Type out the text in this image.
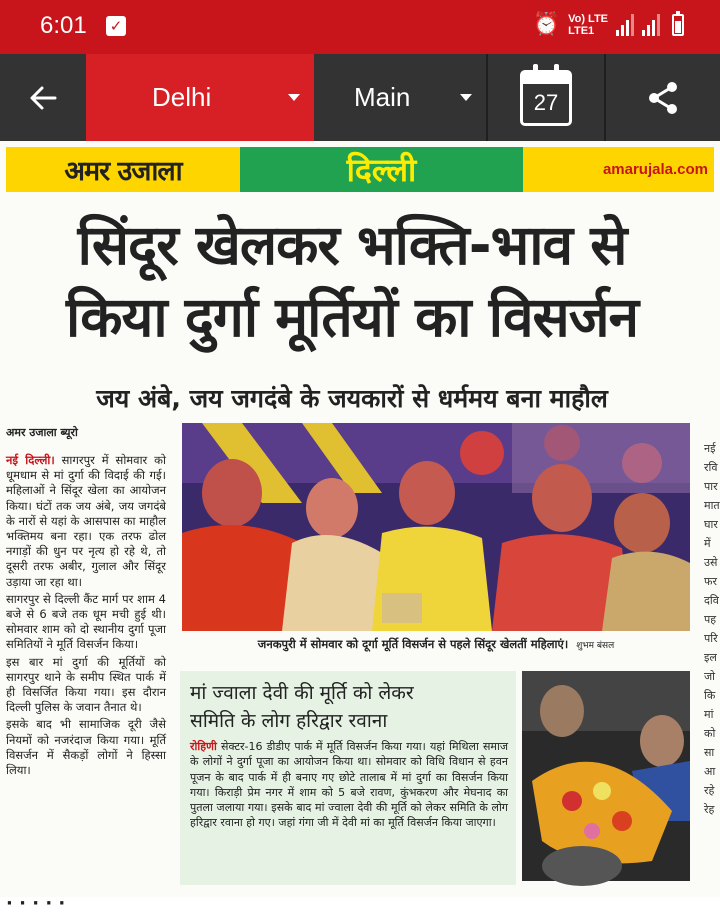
6:01 ✓	⏰ Vo) LTE
LTE1
Delhi	Main	27
अमर उजाला	दिल्ली	amarujala.com
सिंदूर खेलकर भक्ति-भाव से
किया दुर्गा मूर्तियों का विसर्जन
जय अंबे, जय जगदंबे के जयकारों से धर्ममय बना माहौल
नई
रवि
पार
मात
घार
में
उसे
फर
दवि
पह
परि
इल
जो
कि
मां
को
सा
आ
रहे
रेह
अमर उजाला ब्यूरो

नई दिल्ली। सागरपुर में सोमवार को धूमधाम से मां दुर्गा की विदाई की गई। महिलाओं ने सिंदूर खेला का आयोजन किया। घंटों तक जय अंबे, जय जगदंबे के नारों से यहां के आसपास का माहौल भक्तिमय बना रहा। एक तरफ ढोल नगाड़ों की धुन पर नृत्य हो रहे थे, तो दूसरी तरफ अबीर, गुलाल और सिंदूर उड़ाया जा रहा था।

सागरपुर से दिल्ली कैंट मार्ग पर शाम 4 बजे से 6 बजे तक धूम मची हुई थी। सोमवार शाम को दो स्थानीय दुर्गा पूजा समितियों ने मूर्ति विसर्जन किया।

इस बार मां दुर्गा की मूर्तियों को सागरपुर थाने के समीप स्थित पार्क में ही विसर्जित किया गया। इस दौरान दिल्ली पुलिस के जवान तैनात थे।

इसके बाद भी सामाजिक दूरी जैसे नियमों को नजरंदाज किया गया। मूर्ति विसर्जन में सैकड़ों लोगों ने हिस्सा लिया।

जनकपुरी में सोमवार को दूर्गा मूर्ति विसर्जन से पहले सिंदूर खेलतीं महिलाएं। शुभम बंसल
मां ज्वाला देवी की मूर्ति को लेकर
समिति के लोग हरिद्वार रवाना

रोहिणी सेक्टर-16 डीडीए पार्क में मूर्ति विसर्जन किया गया। यहां मिथिला समाज के लोगों ने दुर्गा पूजा का आयोजन किया था। सोमवार को विधि विधान से हवन पूजन के बाद पार्क में ही बनाए गए छोटे तालाब में मां दुर्गा का विसर्जन किया गया। किराड़ी प्रेम नगर में शाम को 5 बजे रावण, कुंभकरण और मेघनाद का पुतला जलाया गया। इसके बाद मां ज्वाला देवी की मूर्ति को लेकर समिति के लोग हरिद्वार रवाना हो गए। जहां गंगा जी में देवी मां का मूर्ति विसर्जन किया जाएगा।

· · · · ·
